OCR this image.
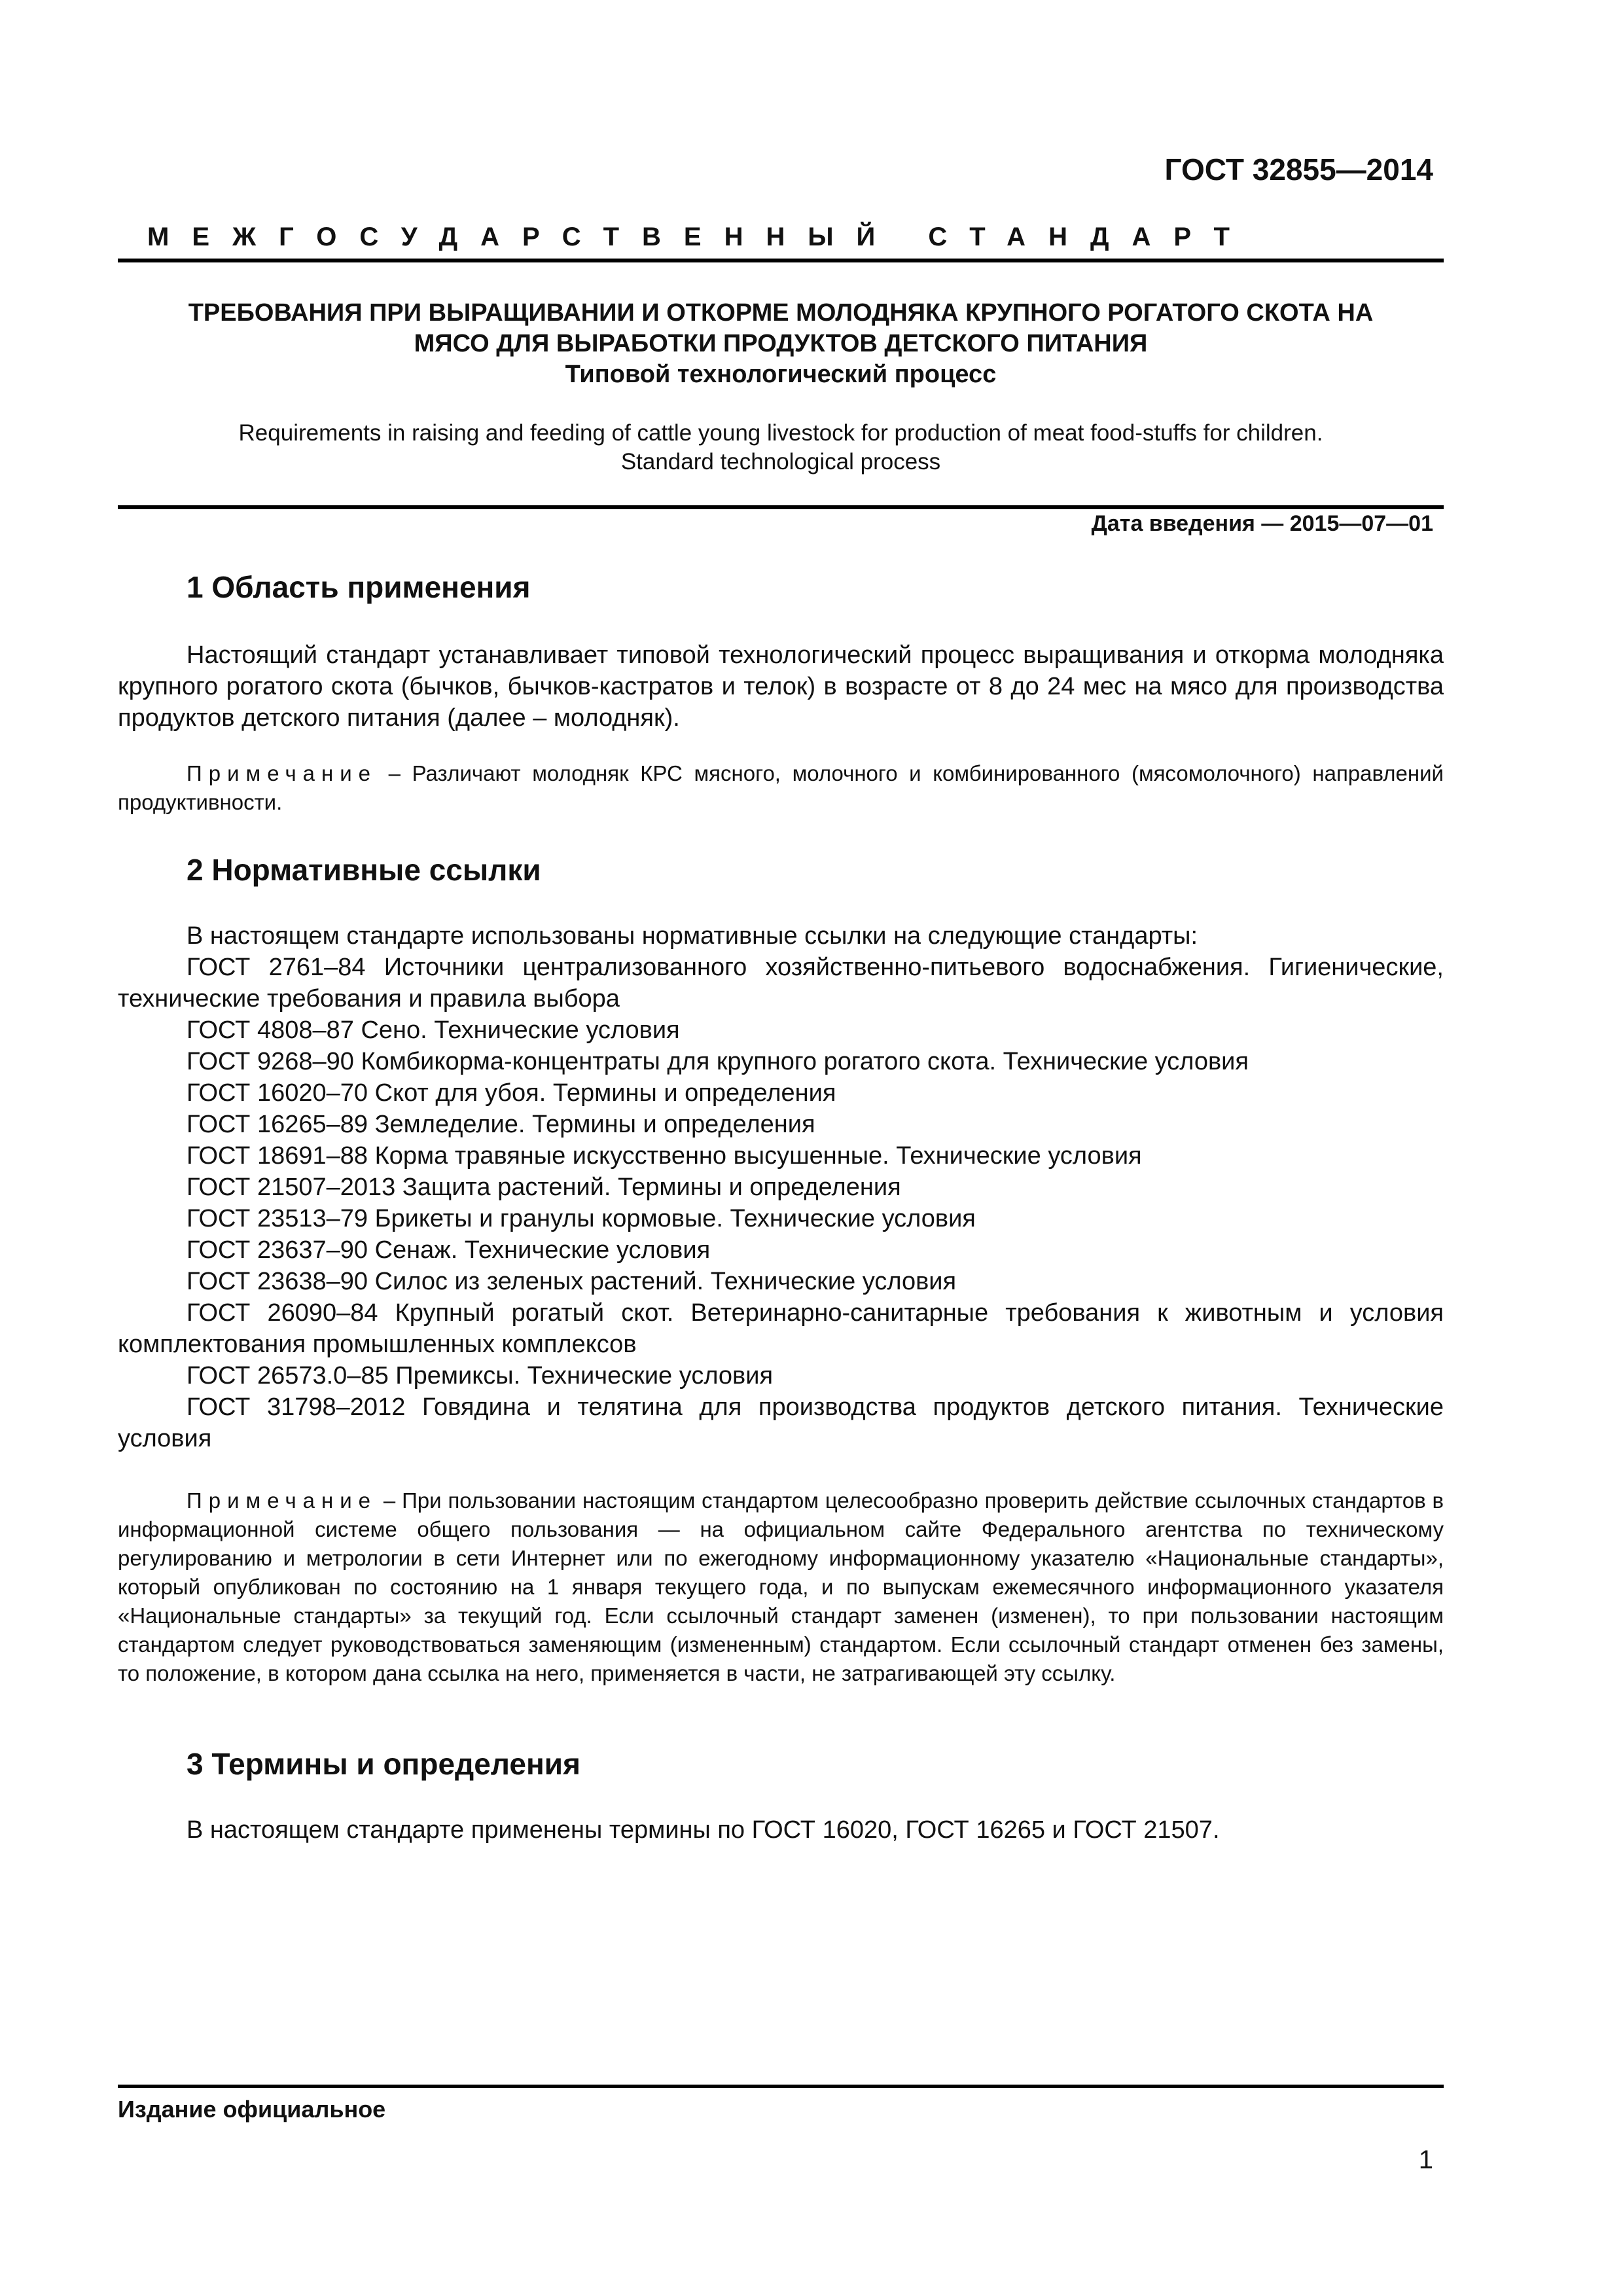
ГОСТ 32855—2014
МЕЖГОСУДАРСТВЕННЫЙ СТАНДАРТ
ТРЕБОВАНИЯ ПРИ ВЫРАЩИВАНИИ И ОТКОРМЕ МОЛОДНЯКА КРУПНОГО РОГАТОГО СКОТА НА
МЯСО ДЛЯ ВЫРАБОТКИ ПРОДУКТОВ ДЕТСКОГО ПИТАНИЯ
Типовой технологический процесс
Requirements in raising and feeding of cattle young livestock for production of meat food-stuffs for children.
Standard technological process
Дата введения — 2015—07—01
1 Область применения
Настоящий стандарт устанавливает типовой технологический процесс выращивания и откорма молодняка крупного рогатого скота (бычков, бычков-кастратов и телок) в возрасте от 8 до 24 мес на мясо для производства продуктов детского питания (далее – молодняк).
Примечание – Различают молодняк КРС мясного, молочного и комбинированного (мясомолочного) направлений продуктивности.
2 Нормативные ссылки
В настоящем стандарте использованы нормативные ссылки на следующие стандарты:
ГОСТ 2761–84 Источники централизованного хозяйственно-питьевого водоснабжения. Гигиенические, технические требования и правила выбора
ГОСТ 4808–87 Сено. Технические условия
ГОСТ 9268–90 Комбикорма-концентраты для крупного рогатого скота. Технические условия
ГОСТ 16020–70 Скот для убоя. Термины и определения
ГОСТ 16265–89 Земледелие. Термины и определения
ГОСТ 18691–88 Корма травяные искусственно высушенные. Технические условия
ГОСТ 21507–2013 Защита растений. Термины и определения
ГОСТ 23513–79 Брикеты и гранулы кормовые. Технические условия
ГОСТ 23637–90 Сенаж. Технические условия
ГОСТ 23638–90 Силос из зеленых растений. Технические условия
ГОСТ 26090–84 Крупный рогатый скот. Ветеринарно-санитарные требования к животным и условия комплектования промышленных комплексов
ГОСТ 26573.0–85 Премиксы. Технические условия
ГОСТ 31798–2012 Говядина и телятина для производства продуктов детского питания. Технические условия
Примечание – При пользовании настоящим стандартом целесообразно проверить действие ссылочных стандартов в информационной системе общего пользования — на официальном сайте Федерального агентства по техническому регулированию и метрологии в сети Интернет или по ежегодному информационному указателю «Национальные стандарты», который опубликован по состоянию на 1 января текущего года, и по выпускам ежемесячного информационного указателя «Национальные стандарты» за текущий год. Если ссылочный стандарт заменен (изменен), то при пользовании настоящим стандартом следует руководствоваться заменяющим (измененным) стандартом. Если ссылочный стандарт отменен без замены, то положение, в котором дана ссылка на него, применяется в части, не затрагивающей эту ссылку.
3 Термины и определения
В настоящем стандарте применены термины по ГОСТ 16020, ГОСТ 16265 и ГОСТ 21507.
Издание официальное
1
